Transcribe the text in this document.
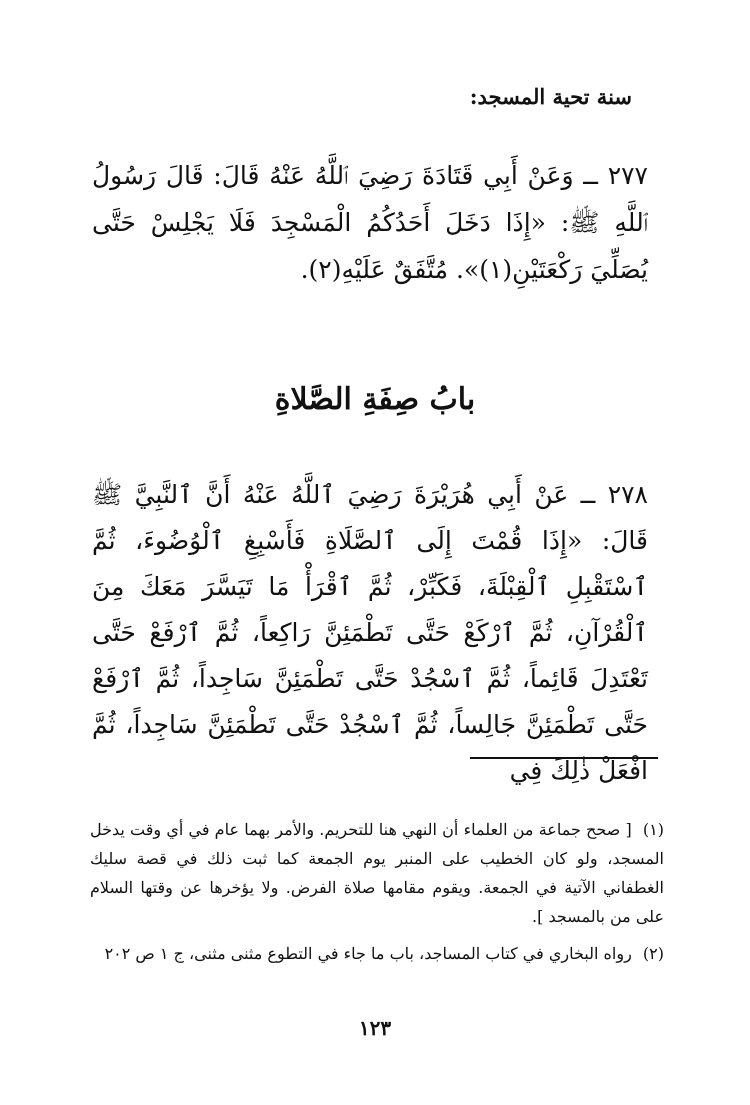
سنة تحية المسجد:

٢٧٧ ــ وَعَنْ أَبِي قَتَادَةَ رَضِيَ ٱللَّهُ عَنْهُ قَالَ: قَالَ رَسُولُ ٱللَّهِ ﷺ: «إِذَا دَخَلَ أَحَدُكُمُ الْمَسْجِدَ فَلَا يَجْلِسْ حَتَّى يُصَلِّيَ رَكْعَتَيْنِ(١)». مُتَّفَقٌ عَلَيْهِ(٢).

بابُ صِفَةِ الصَّلاةِ

٢٧٨ ــ عَنْ أَبِي هُرَيْرَةَ رَضِيَ ٱللَّهُ عَنْهُ أَنَّ ٱلنَّبِيَّ ﷺ قَالَ: «إِذَا قُمْتَ إِلَى ٱلصَّلَاةِ فَأَسْبِغِ ٱلْوُضُوءَ، ثُمَّ ٱسْتَقْبِلِ ٱلْقِبْلَةَ، فَكَبِّرْ، ثُمَّ ٱقْرَأْ مَا تَيَسَّرَ مَعَكَ مِنَ ٱلْقُرْآنِ، ثُمَّ ٱرْكَعْ حَتَّى تَطْمَئِنَّ رَاكِعاً، ثُمَّ ٱرْفَعْ حَتَّى تَعْتَدِلَ قَائِماً، ثُمَّ ٱسْجُدْ حَتَّى تَطْمَئِنَّ سَاجِداً، ثُمَّ ٱرْفَعْ حَتَّى تَطْمَئِنَّ جَالِساً، ثُمَّ ٱسْجُدْ حَتَّى تَطْمَئِنَّ سَاجِداً، ثُمَّ افْعَلْ ذٰلِكَ فِي

(١) [ صحح جماعة من العلماء أن النهي هنا للتحريم. والأمر بهما عام في أي وقت يدخل المسجد، ولو كان الخطيب على المنبر يوم الجمعة كما ثبت ذلك في قصة سليك الغطفاني الآتية في الجمعة. ويقوم مقامها صلاة الفرض. ولا يؤخرها عن وقتها السلام على من بالمسجد ].

(٢) رواه البخاري في كتاب المساجد، باب ما جاء في التطوع مثنى مثنى، ج ١ ص ٢٠٢

١٢٣
